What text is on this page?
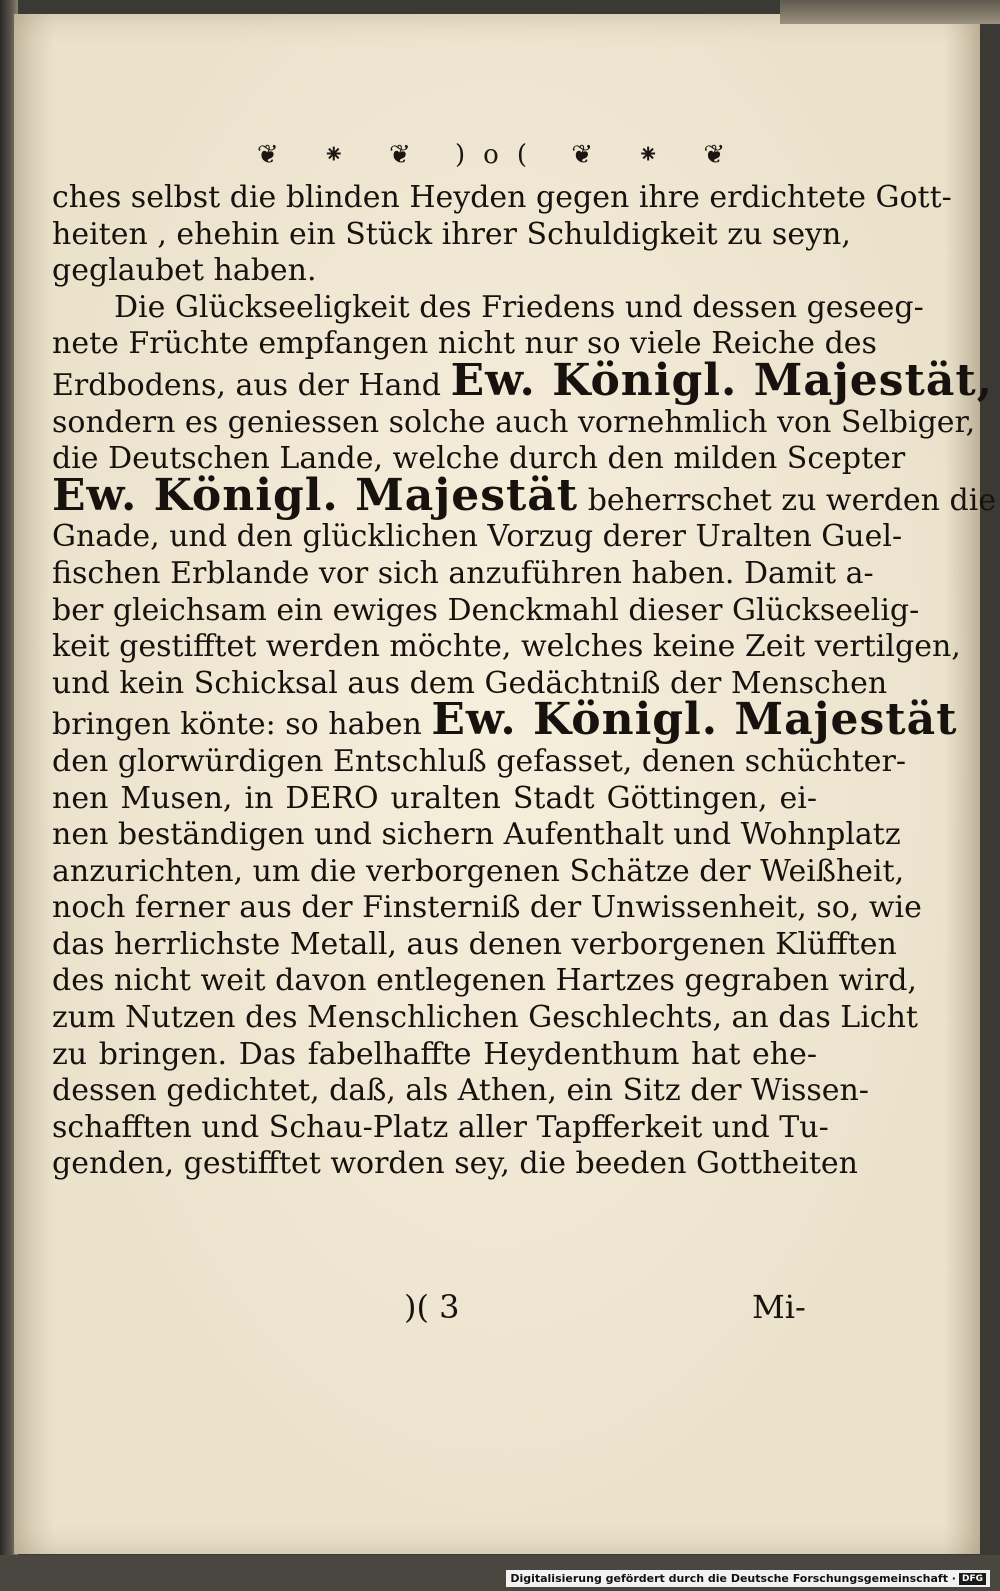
❦ ⁕ ❦ )o( ❦ ⁕ ❦
ches selbst die blinden Heyden gegen ihre erdichtete Gott-
heiten , ehehin ein Stück ihrer Schuldigkeit zu seyn,
geglaubet haben.
Die Glückseeligkeit des Friedens und dessen geseeg-
nete Früchte empfangen nicht nur so viele Reiche des
Erdbodens, aus der Hand Ew. Königl. Majestät,
sondern es geniessen solche auch vornehmlich von Selbiger,
die Deutschen Lande, welche durch den milden Scepter
Ew. Königl. Majestät beherrschet zu werden die
Gnade, und den glücklichen Vorzug derer Uralten Guel-
fischen Erblande vor sich anzuführen haben. Damit a-
ber gleichsam ein ewiges Denckmahl dieser Glückseelig-
keit gestifftet werden möchte, welches keine Zeit vertilgen,
und kein Schicksal aus dem Gedächtniß der Menschen
bringen könte: so haben Ew. Königl. Majestät
den glorwürdigen Entschluß gefasset, denen schüchter-
nen Musen, in DERO uralten Stadt Göttingen, ei-
nen beständigen und sichern Aufenthalt und Wohnplatz
anzurichten, um die verborgenen Schätze der Weißheit,
noch ferner aus der Finsterniß der Unwissenheit, so, wie
das herrlichste Metall, aus denen verborgenen Klüfften
des nicht weit davon entlegenen Hartzes gegraben wird,
zum Nutzen des Menschlichen Geschlechts, an das Licht
zu bringen. Das fabelhaffte Heydenthum hat ehe-
dessen gedichtet, daß, als Athen, ein Sitz der Wissen-
schafften und Schau-Platz aller Tapfferkeit und Tu-
genden, gestifftet worden sey, die beeden Gottheiten
)( 3	Mi-
Digitalisierung gefördert durch die Deutsche Forschungsgemeinschaft · DFG
